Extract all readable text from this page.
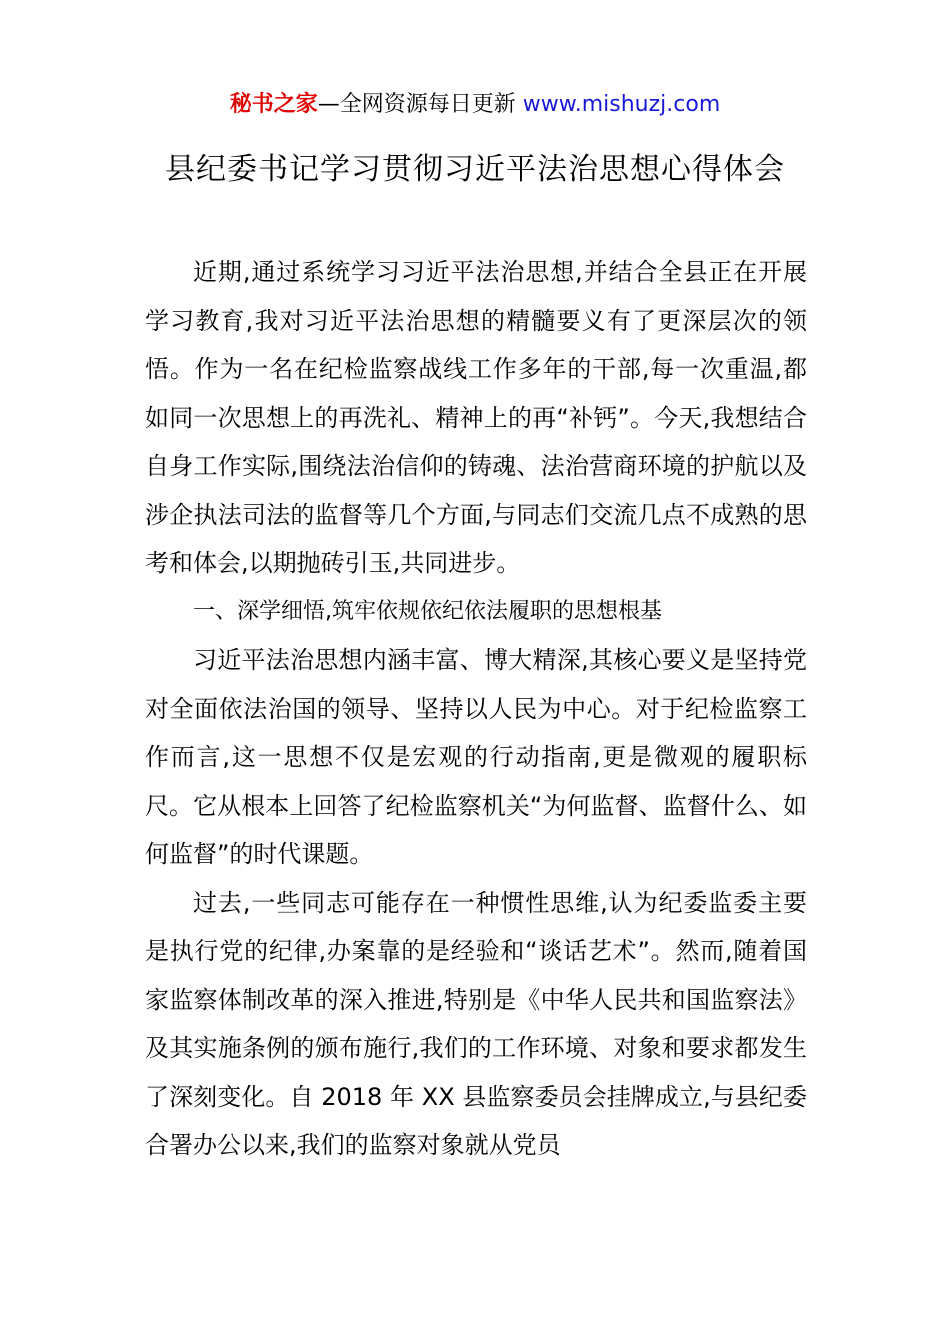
秘书之家—全网资源每日更新 www.mishuzj.com
县纪委书记学习贯彻习近平法治思想心得体会

近期,通过系统学习习近平法治思想,并结合全县正在开展学习教育,我对习近平法治思想的精髓要义有了更深层次的领悟。作为一名在纪检监察战线工作多年的干部,每一次重温,都如同一次思想上的再洗礼、精神上的再“补钙”。今天,我想结合自身工作实际,围绕法治信仰的铸魂、法治营商环境的护航以及涉企执法司法的监督等几个方面,与同志们交流几点不成熟的思考和体会,以期抛砖引玉,共同进步。

一、深学细悟,筑牢依规依纪依法履职的思想根基

习近平法治思想内涵丰富、博大精深,其核心要义是坚持党对全面依法治国的领导、坚持以人民为中心。对于纪检监察工作而言,这一思想不仅是宏观的行动指南,更是微观的履职标尺。它从根本上回答了纪检监察机关“为何监督、监督什么、如何监督”的时代课题。

过去,一些同志可能存在一种惯性思维,认为纪委监委主要是执行党的纪律,办案靠的是经验和“谈话艺术”。然而,随着国家监察体制改革的深入推进,特别是《中华人民共和国监察法》及其实施条例的颁布施行,我们的工作环境、对象和要求都发生了深刻变化。自 2018 年 XX 县监察委员会挂牌成立,与县纪委合署办公以来,我们的监察对象就从党员
